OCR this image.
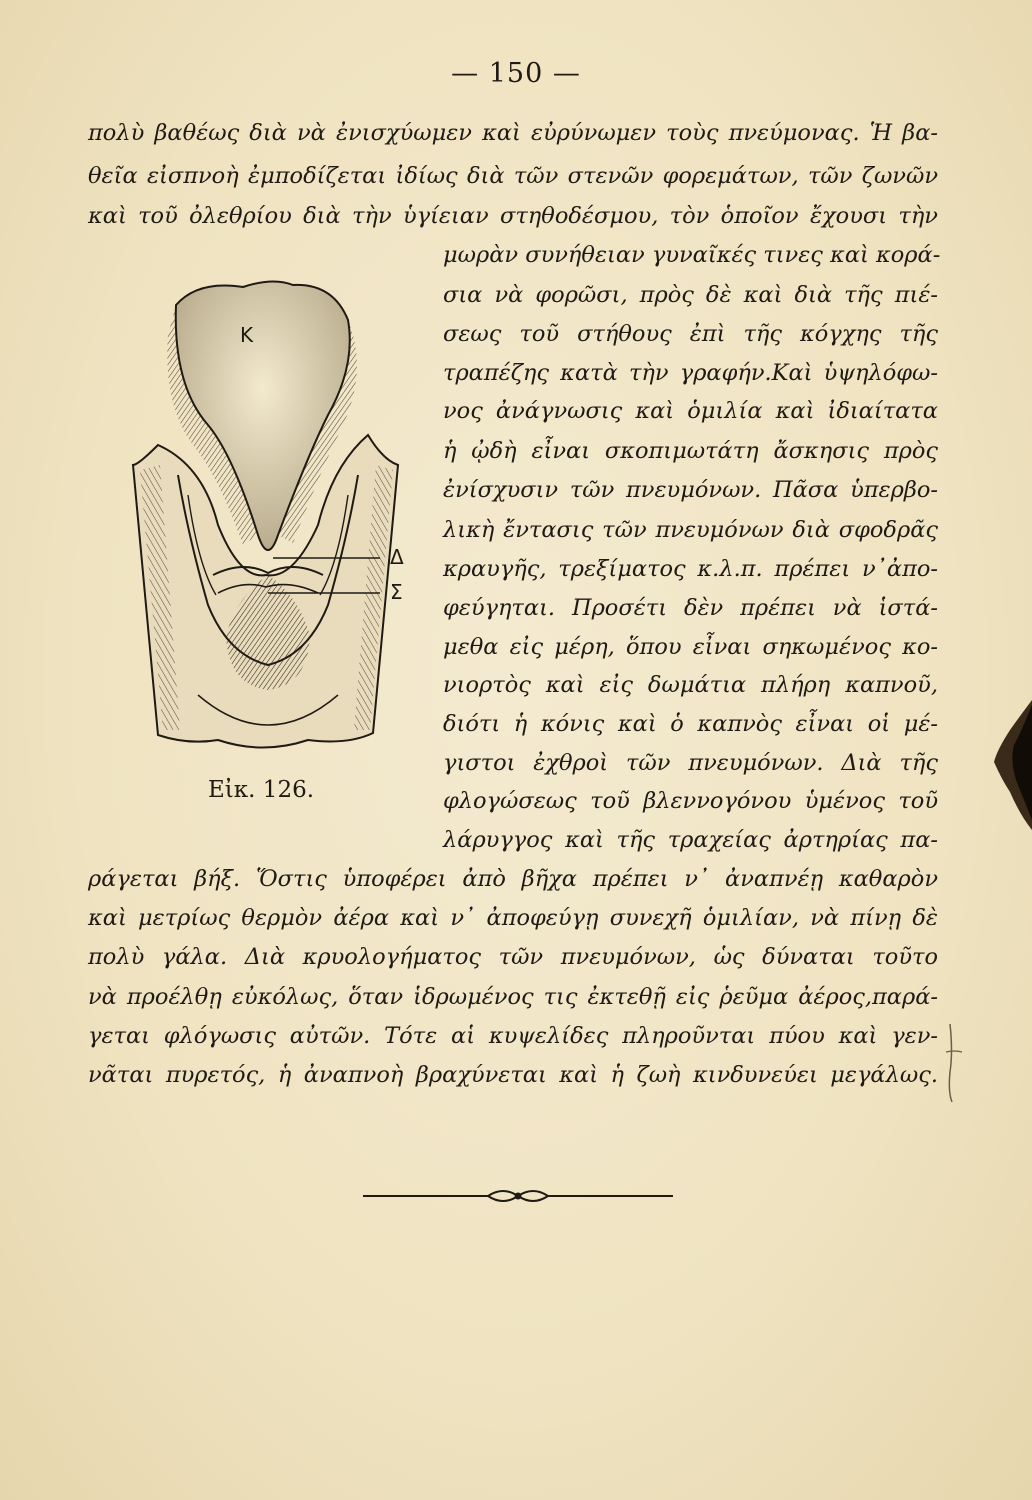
— 150 —
πολὺ βαθέως διὰ νὰ ἐνισχύωμεν καὶ εὐρύνωμεν τοὺς πνεύμονας. Ἡ βα-
θεῖα εἰσπνοὴ ἐμποδίζεται ἰδίως διὰ τῶν στενῶν φορεμάτων, τῶν ζωνῶν
καὶ τοῦ ὀλεθρίου διὰ τὴν ὑγίειαν στηθοδέσμου, τὸν ὁποῖον ἔχουσι τὴν
μωρὰν συνήθειαν γυναῖκές τινες καὶ κορά-
σια νὰ φορῶσι, πρὸς δὲ καὶ διὰ τῆς πιέ-
σεως τοῦ στήθους ἐπὶ τῆς κόγχης τῆς
τραπέζης κατὰ τὴν γραφήν.Καὶ ὑψηλόφω-
νος ἀνάγνωσις καὶ ὁμιλία καὶ ἰδιαίτατα
ἡ ᾠδὴ εἶναι σκοπιμωτάτη ἄσκησις πρὸς
ἐνίσχυσιν τῶν πνευμόνων. Πᾶσα ὑπερβο-
λικὴ ἔντασις τῶν πνευμόνων διὰ σφοδρᾶς
κραυγῆς, τρεξίματος κ.λ.π. πρέπει ν᾽ἀπο-
φεύγηται. Προσέτι δὲν πρέπει νὰ ἱστά-
μεθα εἰς μέρη, ὅπου εἶναι σηκωμένος κο-
νιορτὸς καὶ εἰς δωμάτια πλήρη καπνοῦ,
διότι ἡ κόνις καὶ ὁ καπνὸς εἶναι οἱ μέ-
γιστοι ἐχθροὶ τῶν πνευμόνων. Διὰ τῆς
φλογώσεως τοῦ βλεννογόνου ὑμένος τοῦ
λάρυγγος καὶ τῆς τραχείας ἀρτηρίας πα-
ράγεται βήξ. Ὅστις ὑποφέρει ἀπὸ βῆχα πρέπει ν᾽ ἀναπνέῃ καθαρὸν
καὶ μετρίως θερμὸν ἀέρα καὶ ν᾽ ἀποφεύγῃ συνεχῆ ὁμιλίαν, νὰ πίνῃ δὲ
πολὺ γάλα. Διὰ κρυολογήματος τῶν πνευμόνων, ὡς δύναται τοῦτο
νὰ προέλθῃ εὐκόλως, ὅταν ἱδρωμένος τις ἐκτεθῇ εἰς ῥεῦμα ἀέρος,παρά-
γεται φλόγωσις αὐτῶν. Τότε αἱ κυψελίδες πληροῦνται πύου καὶ γεν-
νᾶται πυρετός, ἡ ἀναπνοὴ βραχύνεται καὶ ἡ ζωὴ κινδυνεύει μεγάλως.
K
Δ
Σ
Εἰκ. 126.
